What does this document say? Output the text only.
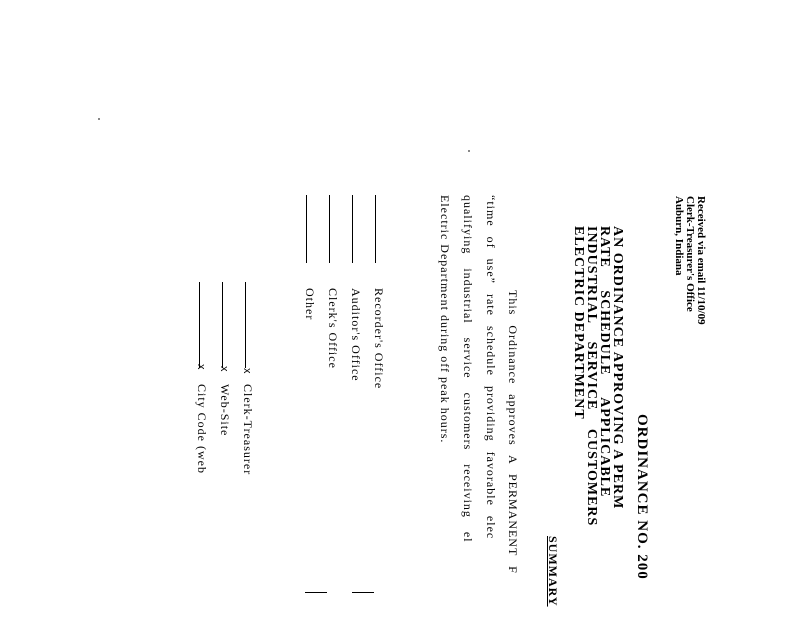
Received via email 11/10/09
Clerk-Treasurer's Office
Auburn, Indiana
ORDINANCE NO. 200
AN ORDINANCE APPROVING A PERM
RATE SCHEDULE APPLICABLE
INDUSTRIAL SERVICE CUSTOMERS
ELECTRIC DEPARTMENT
SUMMARY
This Ordinance approves A PERMANENT F
“time of use” rate schedule providing favorable elec
qualifying industrial service customers receiving el
Electric Department during off peak hours.
Recorder's Office
Auditor's Office
Clerk's Office
Other
x
Clerk-Treasurer
x
Web-Site
x
City Code (web
